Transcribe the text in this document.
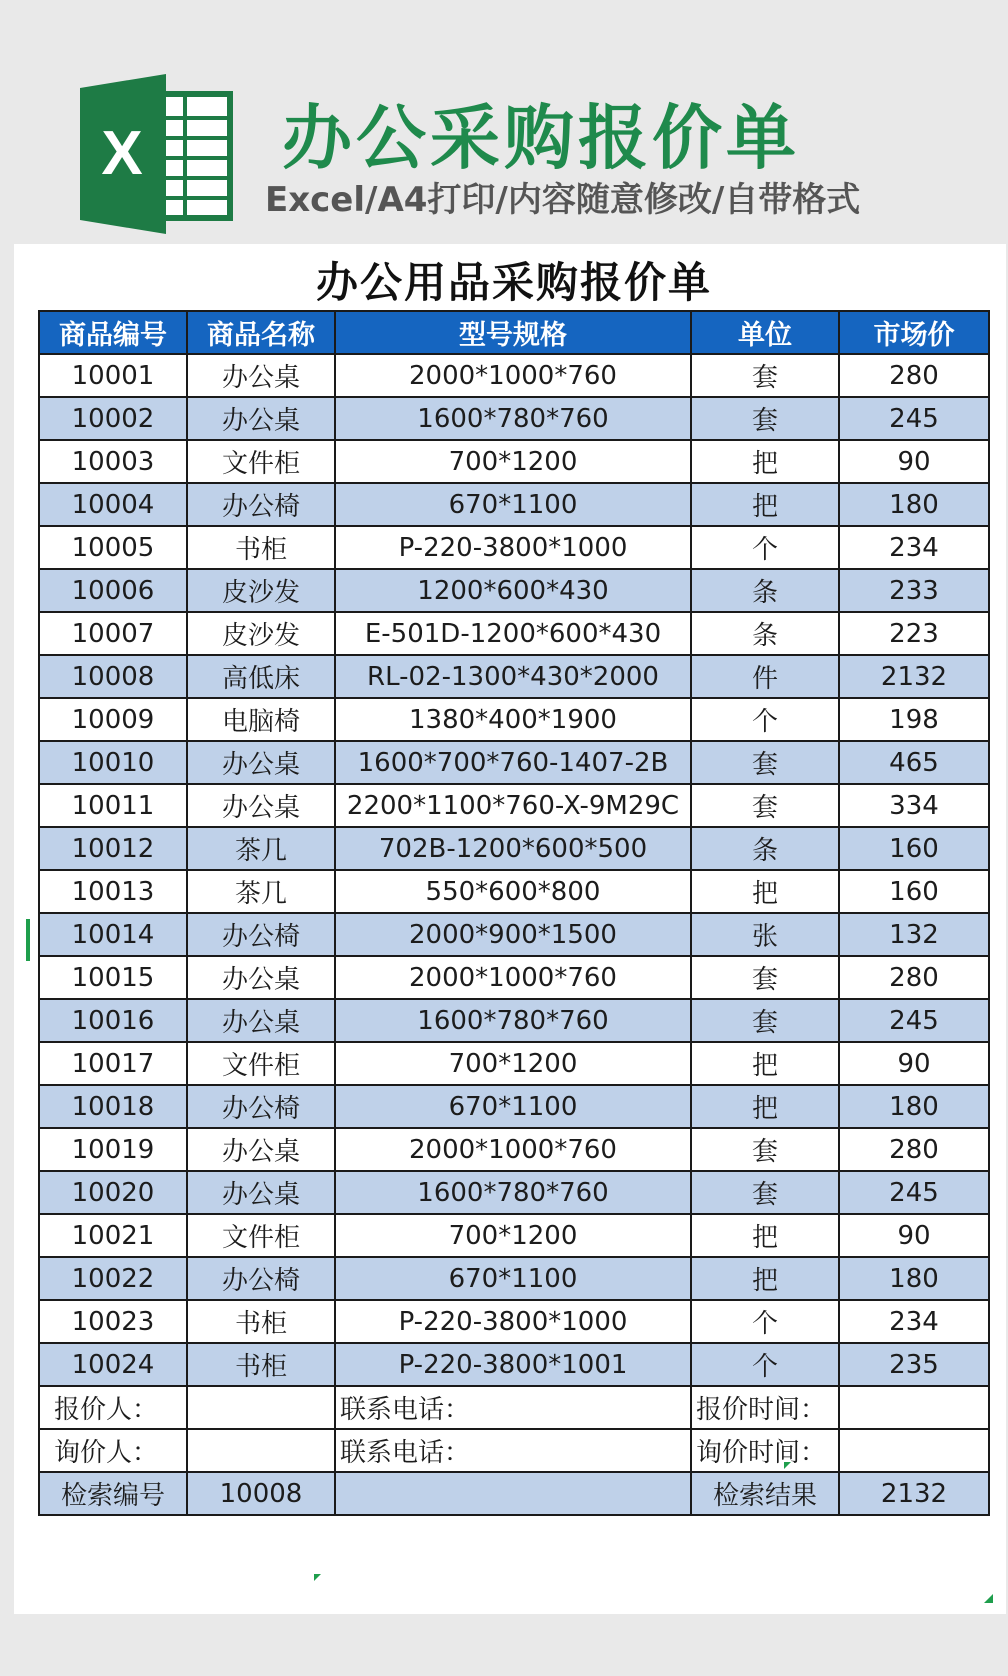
X 办公采购报价单
Excel/A4打印/内容随意修改/自带格式
办公用品采购报价单
商品编号	商品名称	型号规格	单位	市场价
10001	办公桌	2000*1000*760	套	280
10002	办公桌	1600*780*760	套	245
10003	文件柜	700*1200	把	90
10004	办公椅	670*1100	把	180
10005	书柜	P-220-3800*1000	个	234
10006	皮沙发	1200*600*430	条	233
10007	皮沙发	E-501D-1200*600*430	条	223
10008	高低床	RL-02-1300*430*2000	件	2132
10009	电脑椅	1380*400*1900	个	198
10010	办公桌	1600*700*760-1407-2B	套	465
10011	办公桌	2200*1100*760-X-9M29C	套	334
10012	茶几	702B-1200*600*500	条	160
10013	茶几	550*600*800	把	160
10014	办公椅	2000*900*1500	张	132
10015	办公桌	2000*1000*760	套	280
10016	办公桌	1600*780*760	套	245
10017	文件柜	700*1200	把	90
10018	办公椅	670*1100	把	180
10019	办公桌	2000*1000*760	套	280
10020	办公桌	1600*780*760	套	245
10021	文件柜	700*1200	把	90
10022	办公椅	670*1100	把	180
10023	书柜	P-220-3800*1000	个	234
10024	书柜	P-220-3800*1001	个	235
报价人：		联系电话：	报价时间：	
询价人：		联系电话：	询价时间：	
检索编号	10008		检索结果	2132
